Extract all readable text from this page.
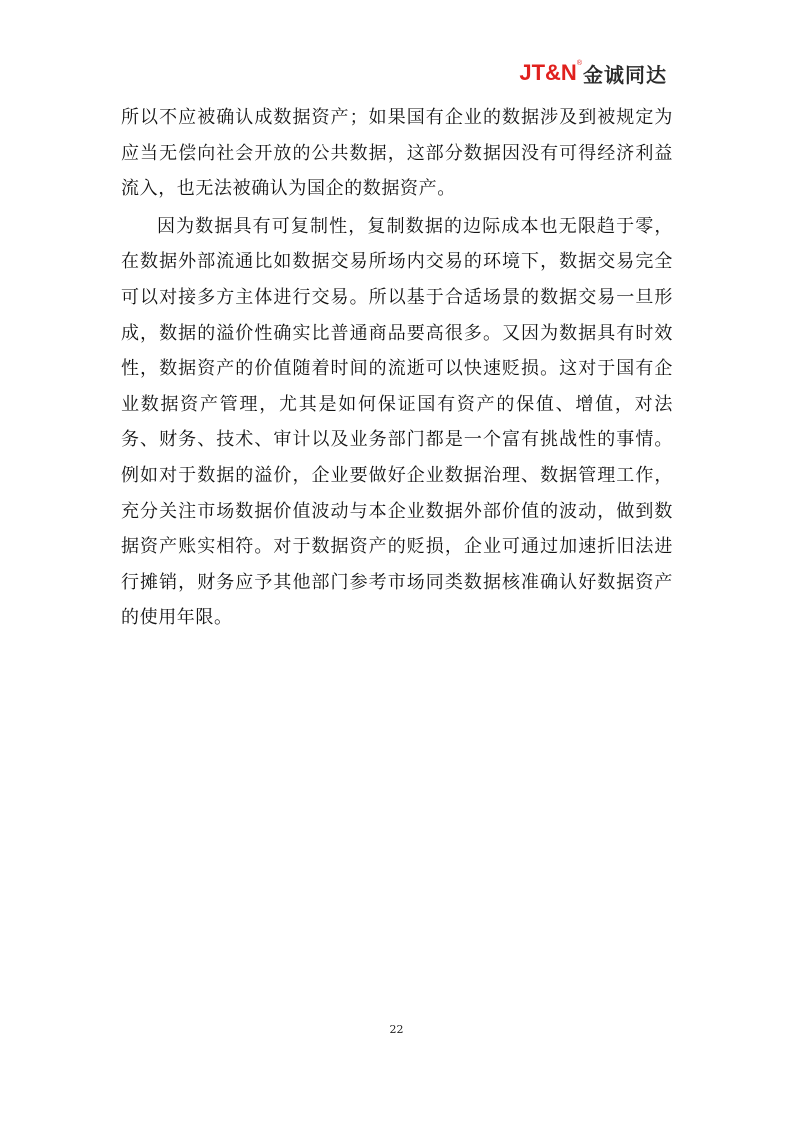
JT&N ® 金诚同达

所以不应被确认成数据资产；如果国有企业的数据涉及到被规定为应当无偿向社会开放的公共数据，这部分数据因没有可得经济利益流入，也无法被确认为国企的数据资产。

因为数据具有可复制性，复制数据的边际成本也无限趋于零，在数据外部流通比如数据交易所场内交易的环境下，数据交易完全可以对接多方主体进行交易。所以基于合适场景的数据交易一旦形成，数据的溢价性确实比普通商品要高很多。又因为数据具有时效性，数据资产的价值随着时间的流逝可以快速贬损。这对于国有企业数据资产管理，尤其是如何保证国有资产的保值、增值，对法务、财务、技术、审计以及业务部门都是一个富有挑战性的事情。例如对于数据的溢价，企业要做好企业数据治理、数据管理工作，充分关注市场数据价值波动与本企业数据外部价值的波动，做到数据资产账实相符。对于数据资产的贬损，企业可通过加速折旧法进行摊销，财务应予其他部门参考市场同类数据核准确认好数据资产的使用年限。

22
